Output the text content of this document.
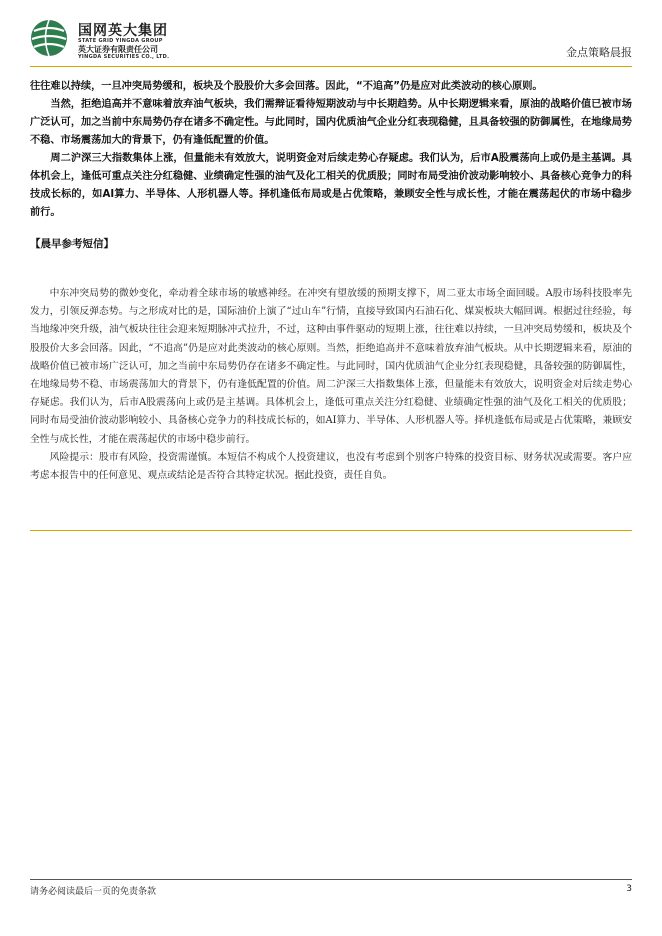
国网英大集团
STATE GRID YINGDA GROUP
英大证券有限责任公司
YINGDA SECURITIES CO., LTD.	金点策略晨报

往往难以持续，一旦冲突局势缓和，板块及个股股价大多会回落。因此，“不追高”仍是应对此类波动的核心原则。

当然，拒绝追高并不意味着放弃油气板块，我们需辩证看待短期波动与中长期趋势。从中长期逻辑来看，原油的战略价值已被市场广泛认可，加之当前中东局势仍存在诸多不确定性。与此同时，国内优质油气企业分红表现稳健，且具备较强的防御属性，在地缘局势不稳、市场震荡加大的背景下，仍有逢低配置的价值。

周二沪深三大指数集体上涨，但量能未有效放大，说明资金对后续走势心存疑虑。我们认为，后市A股震荡向上或仍是主基调。具体机会上，逢低可重点关注分红稳健、业绩确定性强的油气及化工相关的优质股；同时布局受油价波动影响较小、具备核心竞争力的科技成长标的，如AI算力、半导体、人形机器人等。择机逢低布局或是占优策略，兼顾安全性与成长性，才能在震荡起伏的市场中稳步前行。

【晨早参考短信】

中东冲突局势的微妙变化，牵动着全球市场的敏感神经。在冲突有望放缓的预期支撑下，周二亚太市场全面回暖。A股市场科技股率先发力，引领反弹态势。与之形成对比的是，国际油价上演了“过山车”行情，直接导致国内石油石化、煤炭板块大幅回调。根据过往经验，每当地缘冲突升级，油气板块往往会迎来短期脉冲式拉升，不过，这种由事件驱动的短期上涨，往往难以持续，一旦冲突局势缓和，板块及个股股价大多会回落。因此，“不追高”仍是应对此类波动的核心原则。当然，拒绝追高并不意味着放弃油气板块。从中长期逻辑来看，原油的战略价值已被市场广泛认可，加之当前中东局势仍存在诸多不确定性。与此同时，国内优质油气企业分红表现稳健，具备较强的防御属性，在地缘局势不稳、市场震荡加大的背景下，仍有逢低配置的价值。周二沪深三大指数集体上涨，但量能未有效放大，说明资金对后续走势心存疑虑。我们认为，后市A股震荡向上或仍是主基调。具体机会上，逢低可重点关注分红稳健、业绩确定性强的油气及化工相关的优质股；同时布局受油价波动影响较小、具备核心竞争力的科技成长标的，如AI算力、半导体、人形机器人等。择机逢低布局或是占优策略，兼顾安全性与成长性，才能在震荡起伏的市场中稳步前行。

风险提示：股市有风险，投资需谨慎。本短信不构成个人投资建议，也没有考虑到个别客户特殊的投资目标、财务状况或需要。客户应考虑本报告中的任何意见、观点或结论是否符合其特定状况。据此投资，责任自负。

请务必阅读最后一页的免责条款	3
